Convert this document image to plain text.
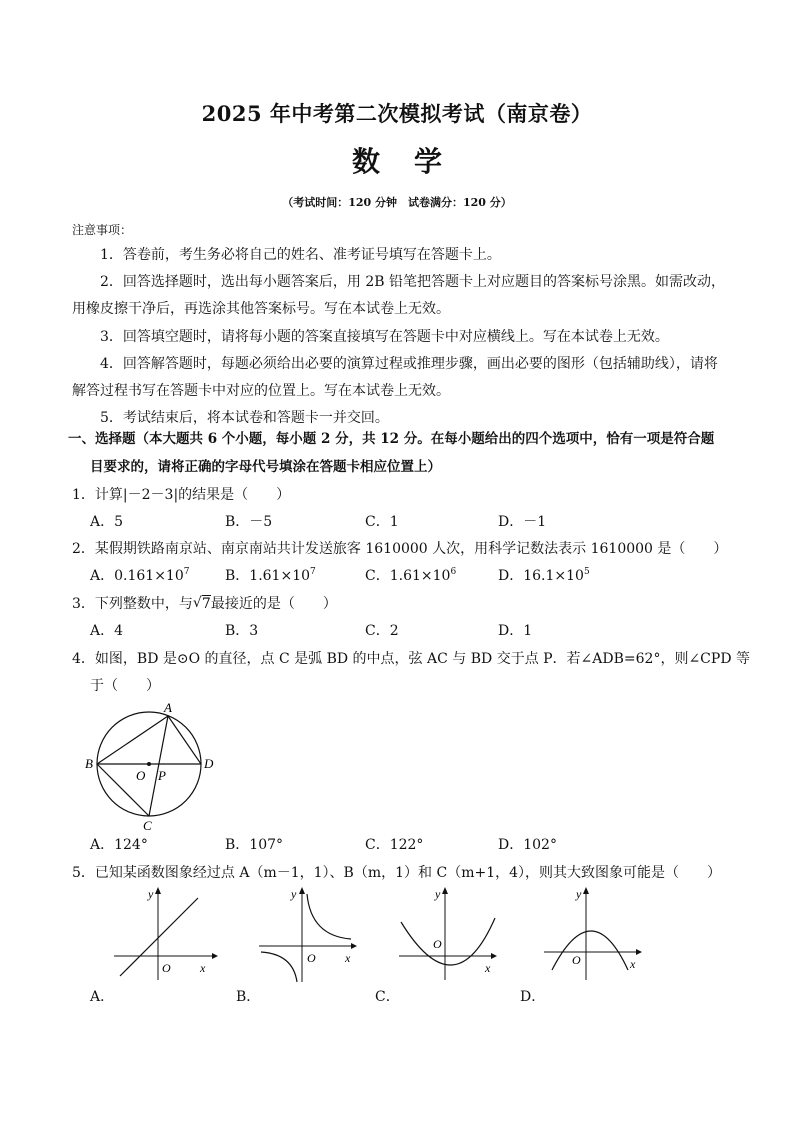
2025 年中考第二次模拟考试（南京卷）
数学
（考试时间：120 分钟　试卷满分：120 分）
注意事项：
1．答卷前，考生务必将自己的姓名、准考证号填写在答题卡上。
2．回答选择题时，选出每小题答案后，用 2B 铅笔把答题卡上对应题目的答案标号涂黑。如需改动，
用橡皮擦干净后，再选涂其他答案标号。写在本试卷上无效。
3．回答填空题时，请将每小题的答案直接填写在答题卡中对应横线上。写在本试卷上无效。
4．回答解答题时，每题必须给出必要的演算过程或推理步骤，画出必要的图形（包括辅助线），请将
解答过程书写在答题卡中对应的位置上。写在本试卷上无效。
5．考试结束后，将本试卷和答题卡一并交回。
一、选择题（本大题共 6 个小题，每小题 2 分，共 12 分。在每小题给出的四个选项中，恰有一项是符合题
目要求的，请将正确的字母代号填涂在答题卡相应位置上）
1．计算|－2－3|的结果是（　　）
A．5	B．－5	C．1	D．－1
2．某假期铁路南京站、南京南站共计发送旅客 1610000 人次，用科学记数法表示 1610000 是（　　）
A．$0.161\times 10^7$	B．$1.61\times 10^7$	C．$1.61\times 10^6$	D．$16.1\times 10^5$
3．下列整数中，与 √ 7最接近的是（　　）
A．4	B．3	C．2	D．1
4．如图，BD 是⊙O 的直径，点 C 是弧 BD 的中点，弦 AC 与 BD 交于点 P．若∠ADB=62°，则∠CPD 等
于（　　）
A
B	D
O P
C
A．124°	B．107°	C．122°	D．102°
5．已知某函数图象经过点 A（m－1，1）、B（m，1）和 C（m+1，4），则其大致图象可能是（　　）
x
y
O
A．
x
y
O
B．
x
y
O
C．
x
y
O
D．
